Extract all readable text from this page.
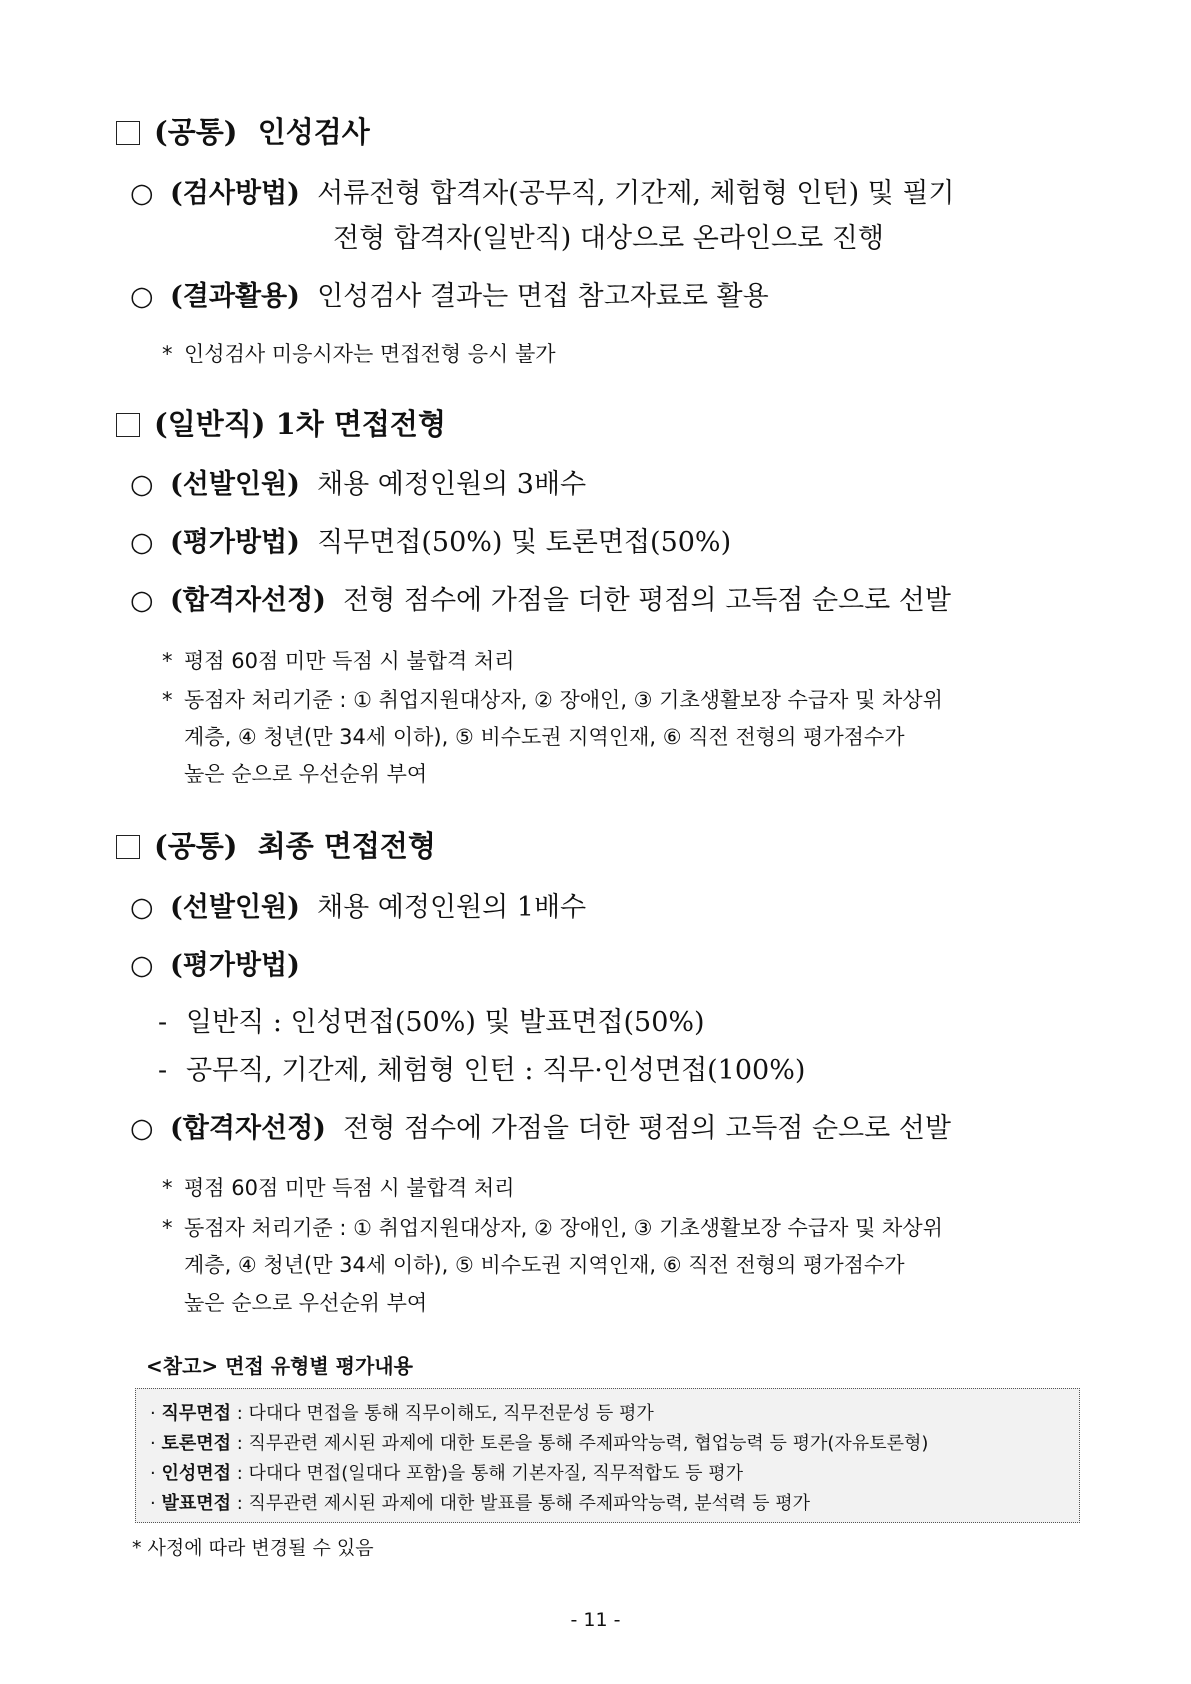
(공통) 인성검사
○ (검사방법) 서류전형 합격자(공무직, 기간제, 체험형 인턴) 및 필기
전형 합격자(일반직) 대상으로 온라인으로 진행
○ (결과활용) 인성검사 결과는 면접 참고자료로 활용
* 인성검사 미응시자는 면접전형 응시 불가
(일반직) 1차 면접전형
○ (선발인원) 채용 예정인원의 3배수
○ (평가방법) 직무면접(50%) 및 토론면접(50%)
○ (합격자선정) 전형 점수에 가점을 더한 평점의 고득점 순으로 선발
* 평점 60점 미만 득점 시 불합격 처리
* 동점자 처리기준 : ① 취업지원대상자, ② 장애인, ③ 기초생활보장 수급자 및 차상위
계층, ④ 청년(만 34세 이하), ⑤ 비수도권 지역인재, ⑥ 직전 전형의 평가점수가
높은 순으로 우선순위 부여
(공통) 최종 면접전형
○ (선발인원) 채용 예정인원의 1배수
○ (평가방법)
- 일반직 : 인성면접(50%) 및 발표면접(50%)
- 공무직, 기간제, 체험형 인턴 : 직무·인성면접(100%)
○ (합격자선정) 전형 점수에 가점을 더한 평점의 고득점 순으로 선발
* 평점 60점 미만 득점 시 불합격 처리
* 동점자 처리기준 : ① 취업지원대상자, ② 장애인, ③ 기초생활보장 수급자 및 차상위
계층, ④ 청년(만 34세 이하), ⑤ 비수도권 지역인재, ⑥ 직전 전형의 평가점수가
높은 순으로 우선순위 부여
<참고> 면접 유형별 평가내용
· 직무면접 : 다대다 면접을 통해 직무이해도, 직무전문성 등 평가
· 토론면접 : 직무관련 제시된 과제에 대한 토론을 통해 주제파악능력, 협업능력 등 평가(자유토론형)
· 인성면접 : 다대다 면접(일대다 포함)을 통해 기본자질, 직무적합도 등 평가
· 발표면접 : 직무관련 제시된 과제에 대한 발표를 통해 주제파악능력, 분석력 등 평가
* 사정에 따라 변경될 수 있음
- 11 -
